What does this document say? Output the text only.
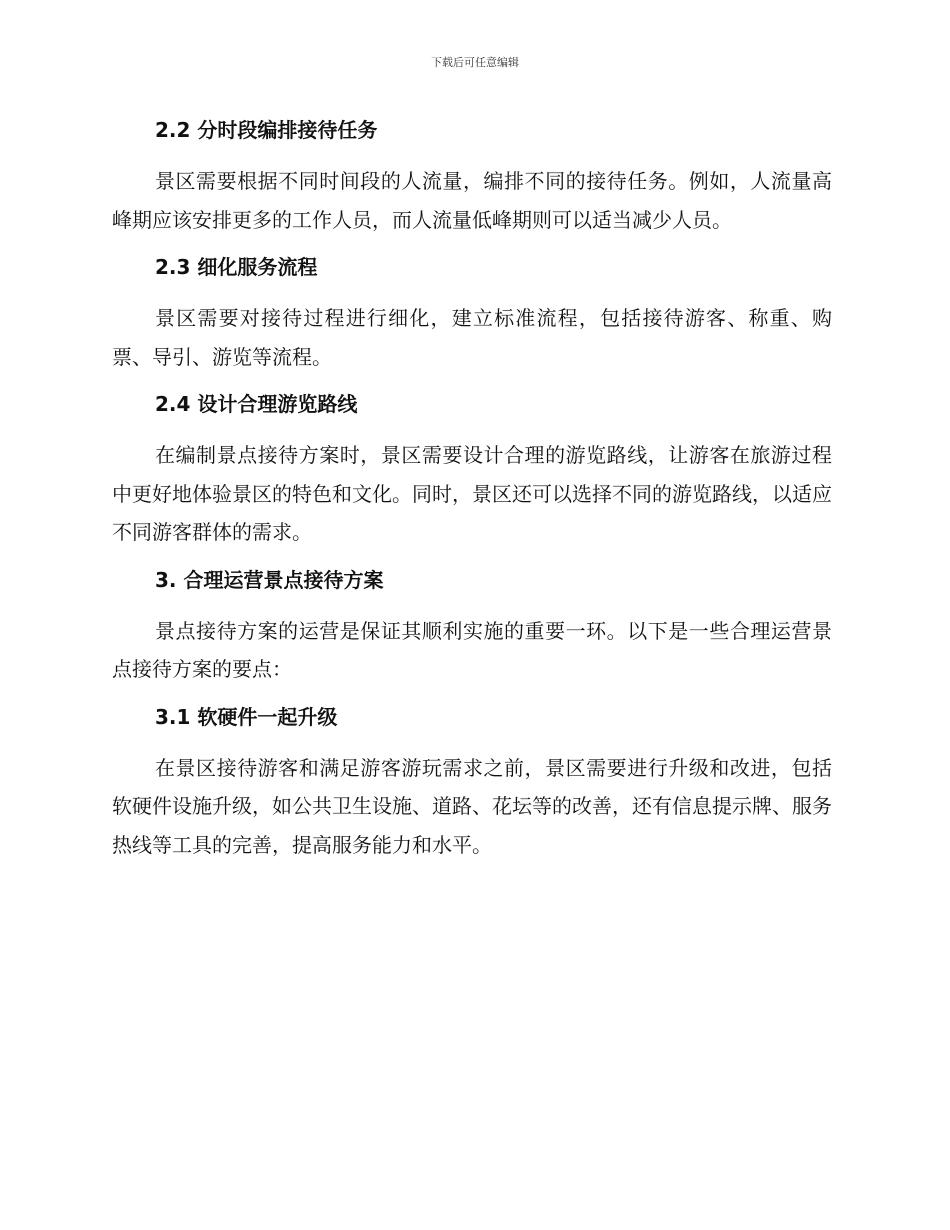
下载后可任意编辑
2.2 分时段编排接待任务

景区需要根据不同时间段的人流量，编排不同的接待任务。例如，人流量高峰期应该安排更多的工作人员，而人流量低峰期则可以适当减少人员。

2.3 细化服务流程

景区需要对接待过程进行细化，建立标准流程，包括接待游客、称重、购票、导引、游览等流程。

2.4 设计合理游览路线

在编制景点接待方案时，景区需要设计合理的游览路线，让游客在旅游过程中更好地体验景区的特色和文化。同时，景区还可以选择不同的游览路线，以适应不同游客群体的需求。

3. 合理运营景点接待方案

景点接待方案的运营是保证其顺利实施的重要一环。以下是一些合理运营景点接待方案的要点：

3.1 软硬件一起升级

在景区接待游客和满足游客游玩需求之前，景区需要进行升级和改进，包括软硬件设施升级，如公共卫生设施、道路、花坛等的改善，还有信息提示牌、服务热线等工具的完善，提高服务能力和水平。
